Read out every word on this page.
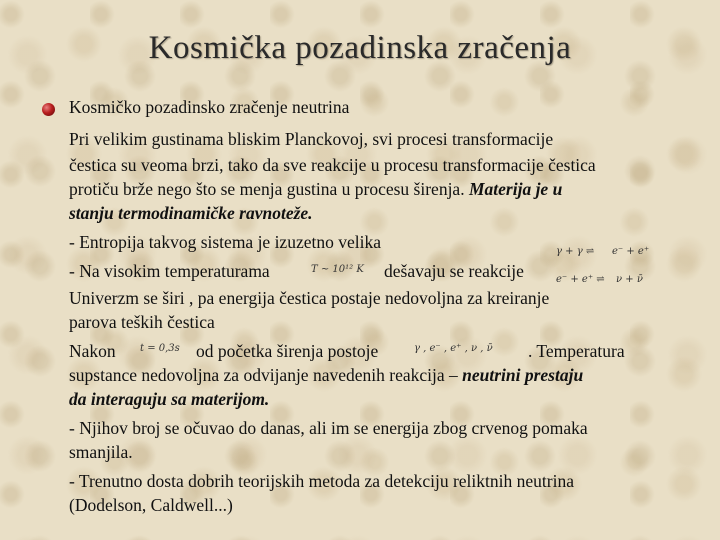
Kosmička pozadinska zračenja
Kosmičko pozadinsko zračenje neutrina
Pri velikim gustinama bliskim Planckovoj, svi procesi transformacije
čestica su veoma brzi, tako da sve reakcije u procesu transformacije čestica
protiču brže nego što se menja gustina u procesu širenja. Materija je u
stanju termodinamičke ravnoteže.
- Entropija takvog sistema je izuzetno velika
- Na visokim temperaturama	T ~ 10¹² K dešavaju se reakcije
γ + γ ⇌ e⁻ + e⁺
e⁻ + e⁺ ⇌ ν + ν̄
Univerzm se širi , pa energija čestica postaje nedovoljna za kreiranje
parova teških čestica
Nakon t = 0,3s od početka širenja postoje	γ , e⁻ , e⁺ , ν , ν̄ . Temperatura
supstance nedovoljna za odvijanje navedenih reakcija – neutrini prestaju
da interaguju sa materijom.
- Njihov broj se očuvao do danas, ali im se energija zbog crvenog pomaka
smanjila.
- Trenutno dosta dobrih teorijskih metoda za detekciju reliktnih neutrina
(Dodelson, Caldwell...)
